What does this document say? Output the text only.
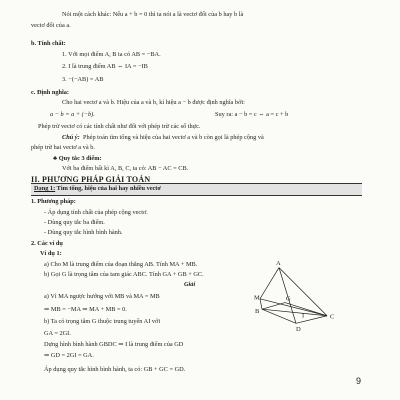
Nói một cách khác: Nếu a + b = 0 thì ta nói a là vectơ đối của b hay b là
vectơ đối của a.
b. Tính chất:
1. Với mọi điểm A, B ta có AB = −BA.
2. I là trung điểm AB ⇔ IA = −IB
3. −(−AB) = AB
c. Định nghĩa:
Cho hai vectơ a và b. Hiệu của a và b, kí hiệu a − b được định nghĩa bởi:
a − b = a + (−b).	Suy ra: a − b = c ⇔ a = c + b
Phép trừ vectơ có các tính chất như đối với phép trừ các số thực.
Chú ý: Phép toán tìm tổng và hiệu của hai vectơ a và b còn gọi là phép cộng và
phép trừ hai vectơ a và b.
II. PHƯƠNG PHÁP GIẢI TOÁN
Dạng 1: Tìm tổng, hiệu của hai hay nhiều vectơ
1. Phương pháp:
- Áp dụng tính chất của phép cộng vectơ.
- Dùng quy tắc ba điểm.
- Dùng quy tắc hình bình hành.
2. Các ví dụ
Ví dụ 1:
a) Cho M là trung điểm của đoạn thẳng AB. Tính MA + MB.
b) Gọi G là trọng tâm của tam giác ABC. Tính GA + GB + GC.
Giải
a) Vì MA ngược hướng với MB và MA = MB
⇒ MB = −MA ⇒ MA + MB = 0.
b) Ta có trọng tâm G thuộc trung tuyến AI với
GA = 2GI.
Dựng hình bình hành GBDC ⇒ I là trung điểm của GD
⇒ GD = 2GI = GA.
Áp dụng quy tắc hình bình hành, ta có: GB + GC = GD.
A
M
B
G
I	C
D
9
♣ Quy tắc 3 điểm:
Với ba điểm bất kì A, B, C, ta có: AB − AC = CB.
